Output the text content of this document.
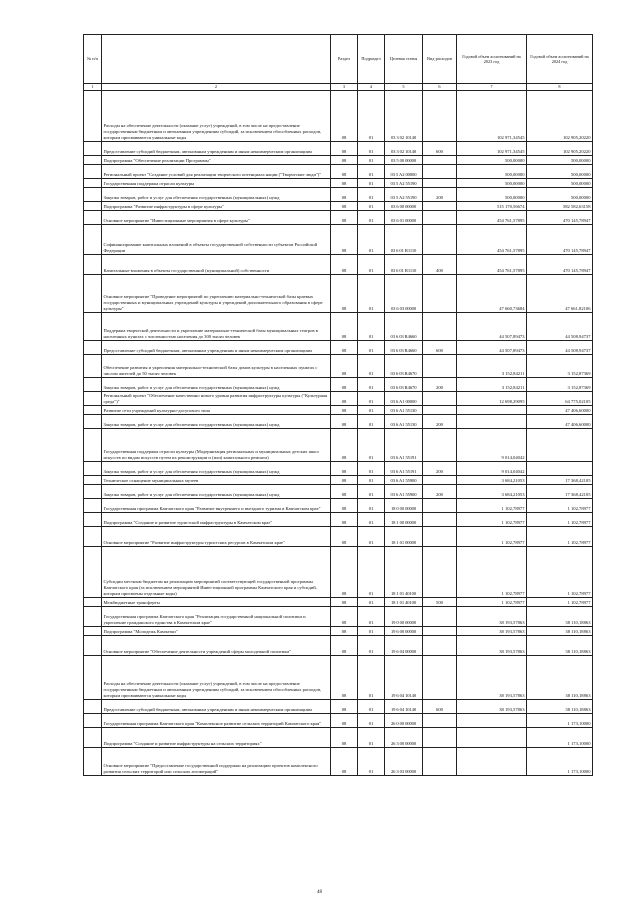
№ п/п		Раздел	Подраздел	Целевая статья	Вид расходов	Годовой объем ассигнований на 2023 год	Годовой объем ассигнований на 2024 год
1	2	3	4	5	6	7	8
	Расходы на обеспечение деятельности (оказание услуг) учреждений, в том числе на предоставление государственным бюджетным и автономным учреждениям субсидий, за исключением обособленных расходов, которым присваиваются уникальные коды	08	01	03 3 02 10140		102 971,34545	102 905,20220
	Предоставление субсидий бюджетным, автономным учреждениям и иным некоммерческим организациям	08	01	03 3 02 10140	600	102 971,34545	102 905,20220
	Подпрограмма "Обеспечение реализации Программы"	08	01	03 5 00 00000		500,00000	500,00000
	Региональный проект "Создание условий для реализации творческого потенциала нации ("Творческие люди")"	08	01	03 5 A2 00000		500,00000	500,00000
	Государственная поддержка отрасли культуры	08	01	03 5 A2 55190		500,00000	500,00000
	Закупка товаров, работ и услуг для обеспечения государственных (муниципальных) нужд	08	01	03 5 A2 55190	200	500,00000	500,00000
	Подпрограмма "Развитие инфраструктуры в сфере культуры"	08	01	03 6 00 00000		515 170,56674	582 582,63158
	Основное мероприятие "Инвестиционные мероприятия в сфере культуры"	08	01	03 6 01 00000		454 761,57895	470 145,78947
	Софинансирование капитальных вложений в объекты государственной собственности субъектов Российской Федерации	08	01	03 6 01 R1110		454 761,57895	470 145,78947
	Капитальные вложения в объекты государственной (муниципальной) собственности	08	01	03 6 01 R1110	400	454 761,57895	470 145,78947
	Основное мероприятие "Проведение мероприятий по укреплению материально-технической базы краевых государственных и муниципальных учреждений культуры и учреждений дополнительного образования в сфере культуры"	08	01	03 6 03 00000		47 660,73684	47 661,82106
	Поддержка творческой деятельности и укрепление материально-технической базы муниципальных театров в населенных пунктах с численностью населения до 300 тысяч человек	08	01	03 6 03 R4660		44 507,89473	44 508,94737
	Предоставление субсидий бюджетным, автономным учреждениям и иным некоммерческим организациям	08	01	03 6 03 R4660	600	44 507,89473	44 508,94737
	Обеспечение развития и укрепления материально-технической базы домов культуры в населенных пунктах с числом жителей до 50 тысяч человек	08	01	03 6 03 R4670		3 152,84211	3 152,87369
	Закупка товаров, работ и услуг для обеспечения государственных (муниципальных) нужд	08	01	03 6 03 R4670	200	3 152,84211	3 152,87369
	Региональный проект "Обеспечение качественно нового уровня развития инфраструктуры культуры ("Культурная среда")"	08	01	03 6 A1 00000		12 698,29095	64 775,02105
	Развитие сети учреждений культурно-досугового типа	08	01	03 6 A1 55130			47 406,60000
	Закупка товаров, работ и услуг для обеспечения государственных (муниципальных) нужд	08	01	03 6 A1 55130	200		47 406,60000
	Государственная поддержка отрасли культуры (Модернизация региональных и муниципальных детских школ искусств по видам искусств путем их реконструкции и (или) капитального ремонта)	08	01	03 6 A1 55191		9 014,04042	
	Закупка товаров, работ и услуг для обеспечения государственных (муниципальных) нужд	08	01	03 6 A1 55191	200	9 014,04042	
	Техническое оснащение муниципальных музеев	08	01	03 6 A1 55900		3 684,21053	17 368,42105
	Закупка товаров, работ и услуг для обеспечения государственных (муниципальных) нужд	08	01	03 6 A1 55900	200	3 684,21053	17 368,42105
	Государственная программа Камчатского края "Развитие внутреннего и въездного туризма в Камчатском крае"	08	01	18 0 00 00000		1 102,78977	1 102,78977
	Подпрограмма "Создание и развитие туристской инфраструктуры в Камчатском крае"	08	01	18 1 00 00000		1 102,78977	1 102,78977
	Основное мероприятие "Развитие инфраструктуры туристских ресурсов в Камчатском крае"	08	01	18 1 01 00000		1 102,78977	1 102,78977
	Субсидии местным бюджетам на реализацию мероприятий соответствующей государственной программы Камчатского края (за исключением мероприятий Инвестиционной программы Камчатского края и субсидий, которым присвоены отдельные коды)	08	01	18 1 01 40100		1 102,78977	1 102,78977
	Межбюджетные трансферты	08	01	18 1 01 40100	500	1 102,78977	1 102,78977
	Государственная программа Камчатского края "Реализация государственной национальной политики и укрепление гражданского единства в Камчатском крае"	08	01	19 0 00 00000		38 193,57863	38 110,18863
	Подпрограмма "Молодежь Камчатки"	08	01	19 6 00 00000		38 193,57863	38 110,18863
	Основное мероприятие "Обеспечение деятельности учреждений сферы молодежной политики"	08	01	19 6 04 00000		38 193,57863	38 110,18863
	Расходы на обеспечение деятельности (оказание услуг) учреждений, в том числе на предоставление государственным бюджетным и автономным учреждениям субсидий, за исключением обособленных расходов, которым присваиваются уникальные коды	08	01	19 6 04 10140		38 193,57863	38 110,18863
	Предоставление субсидий бюджетным, автономным учреждениям и иным некоммерческим организациям	08	01	19 6 04 10140	600	38 193,57863	38 110,18863
	Государственная программа Камчатского края "Комплексное развитие сельских территорий Камчатского края"	08	01	26 0 00 00000			1 173,10000
	Подпрограмма "Создание и развитие инфраструктуры на сельских территориях"	08	01	26 3 00 00000			1 173,10000
	Основное мероприятие "Предоставление государственной поддержки на реализацию проектов комплексного развития сельских территорий или сельских агломераций"	08	01	26 3 03 00000			1 173,10000
48
